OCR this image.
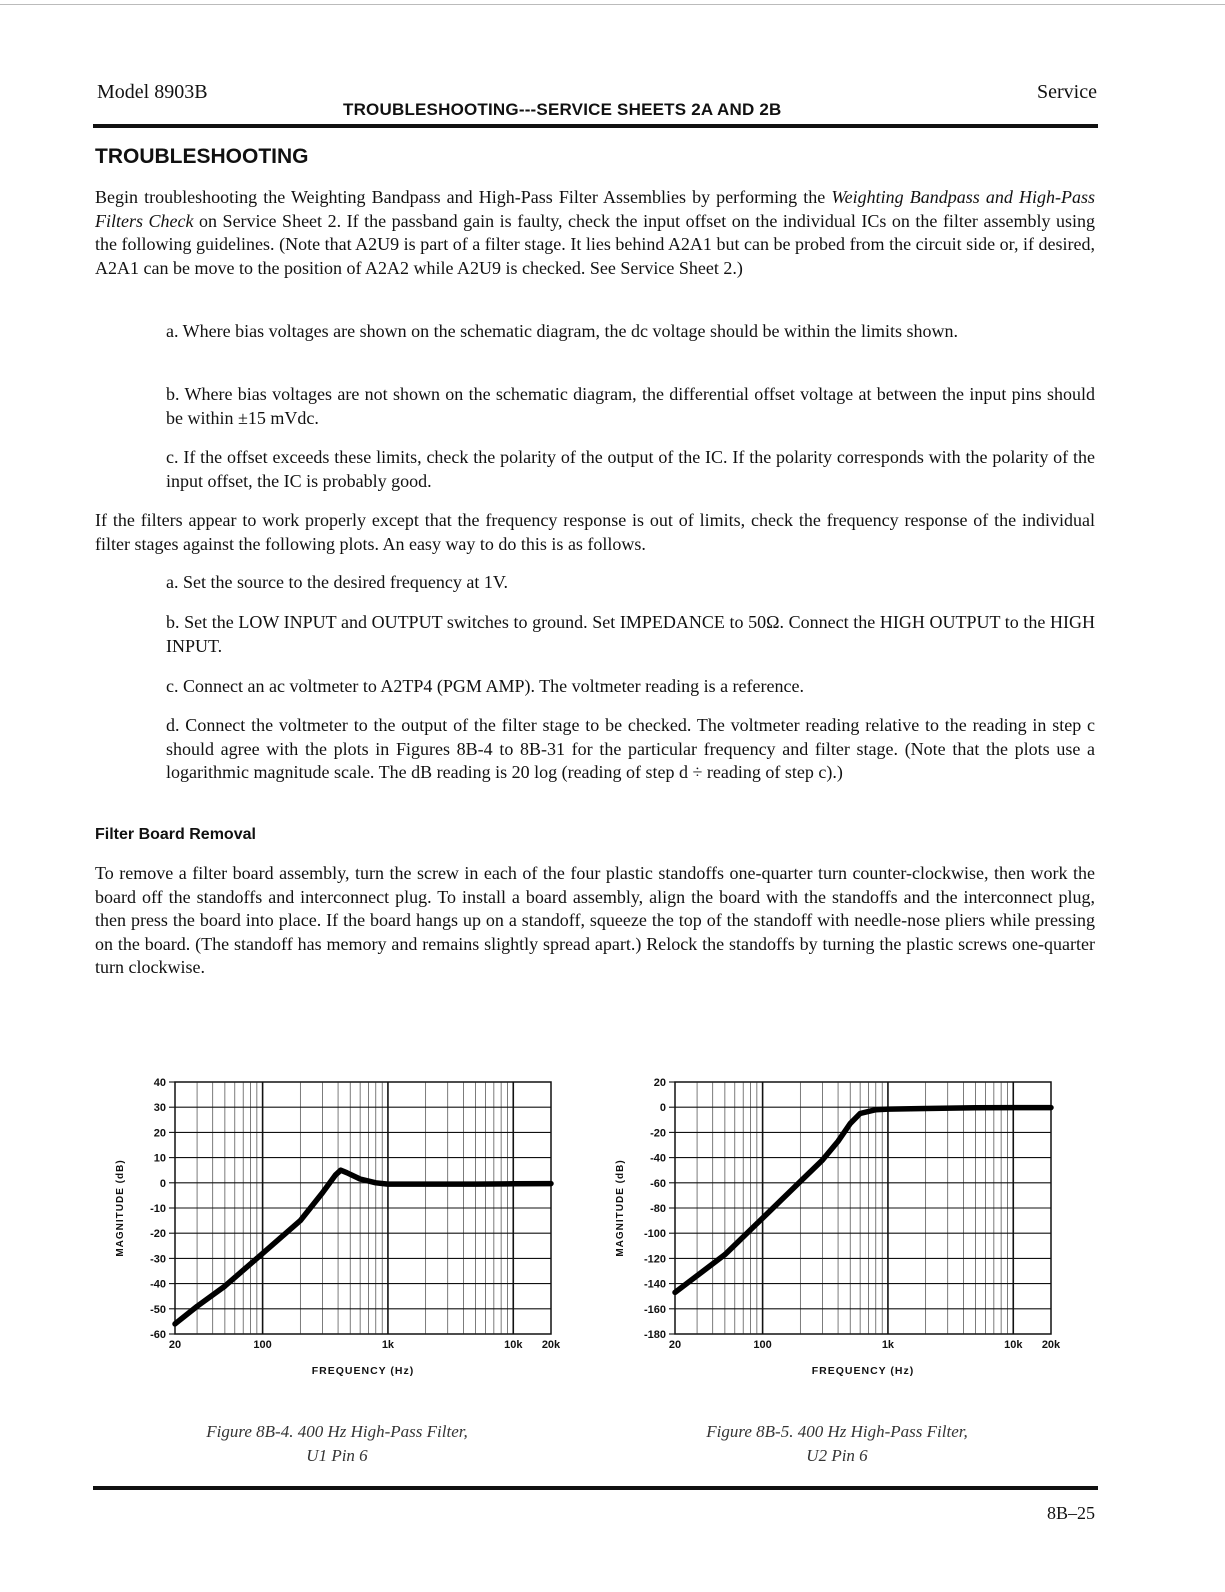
Model 8903B	Service
TROUBLESHOOTING---SERVICE SHEETS 2A AND 2B
TROUBLESHOOTING

Begin troubleshooting the Weighting Bandpass and High-Pass Filter Assemblies by performing the Weighting Bandpass and High-Pass Filters Check on Service Sheet 2. If the passband gain is faulty, check the input offset on the individual ICs on the filter assembly using the following guidelines. (Note that A2U9 is part of a filter stage. It lies behind A2A1 but can be probed from the circuit side or, if desired, A2A1 can be move to the position of A2A2 while A2U9 is checked. See Service Sheet 2.)

a. Where bias voltages are shown on the schematic diagram, the dc voltage should be within the limits shown.

b. Where bias voltages are not shown on the schematic diagram, the differential offset voltage at between the input pins should be within ±15 mVdc.

c. If the offset exceeds these limits, check the polarity of the output of the IC. If the polarity corresponds with the polarity of the input offset, the IC is probably good.

If the filters appear to work properly except that the frequency response is out of limits, check the frequency response of the individual filter stages against the following plots. An easy way to do this is as follows.

a. Set the source to the desired frequency at 1V.

b. Set the LOW INPUT and OUTPUT switches to ground. Set IMPEDANCE to 50Ω. Connect the HIGH OUTPUT to the HIGH INPUT.

c. Connect an ac voltmeter to A2TP4 (PGM AMP). The voltmeter reading is a reference.

d. Connect the voltmeter to the output of the filter stage to be checked. The voltmeter reading relative to the reading in step c should agree with the plots in Figures 8B-4 to 8B-31 for the particular frequency and filter stage. (Note that the plots use a logarithmic magnitude scale. The dB reading is 20 log (reading of step d ÷ reading of step c).)

Filter Board Removal

To remove a filter board assembly, turn the screw in each of the four plastic standoffs one-quarter turn counter-clockwise, then work the board off the standoffs and interconnect plug. To install a board assembly, align the board with the standoffs and the interconnect plug, then press the board into place. If the board hangs up on a standoff, squeeze the top of the standoff with needle-nose pliers while pressing on the board. (The standoff has memory and remains slightly spread apart.) Relock the standoffs by turning the plastic screws one-quarter turn clockwise.

40
30
20
10
0
-10
-20
-30
-40
-50
-60
20	100	1k	10k 20k
FREQUENCY (Hz)
MAGNITUDE (dB)
20
0
-20
-40
-60
-80
-100
-120
-140
-160
-180
20	100	1k	10k 20k
FREQUENCY (Hz)
MAGNITUDE (dB)
Figure 8B-4. 400 Hz High-Pass Filter,
U1 Pin 6
Figure 8B-5. 400 Hz High-Pass Filter,
U2 Pin 6
8B–25
